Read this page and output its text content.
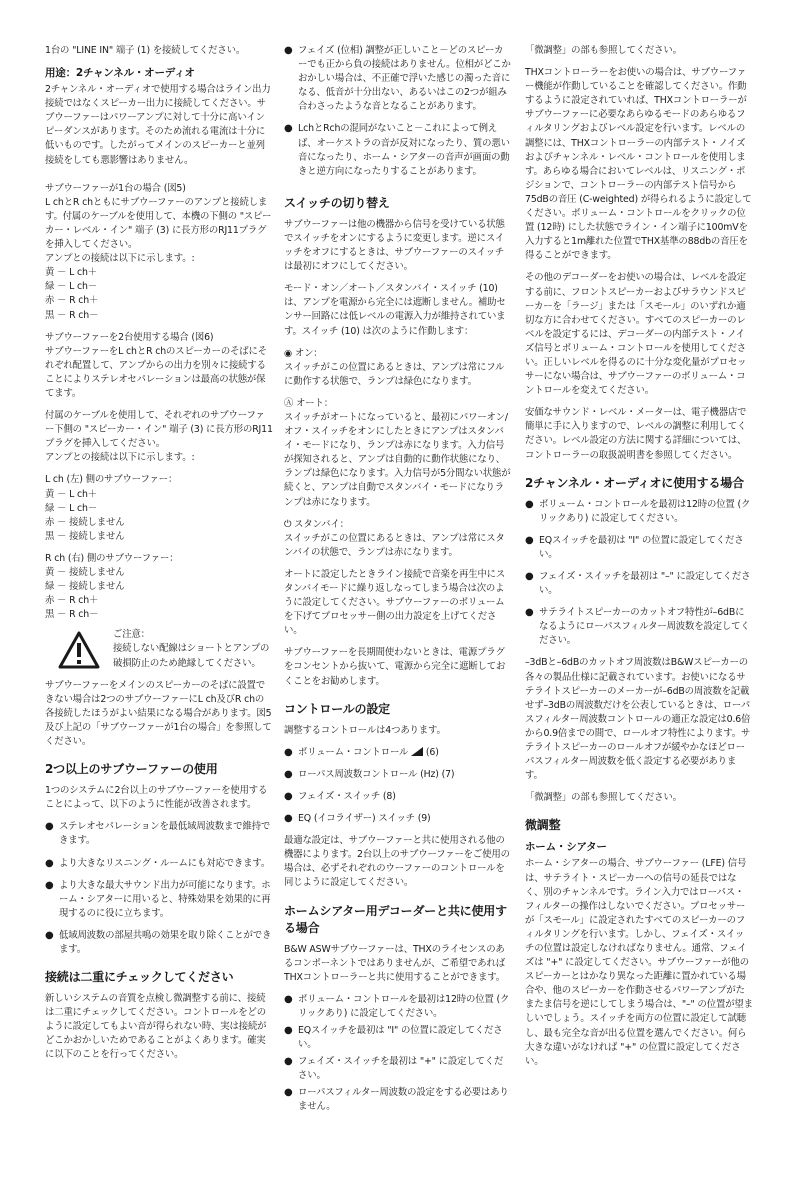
1台の "LINE IN" 端子 (1) を接続してください。
用途：2チャンネル・オーディオ
2チャンネル・オーディオで使用する場合はライン出力接続ではなくスピーカー出力に接続してください。サブウーファーはパワーアンプに対して十分に高いインピーダンスがあります。そのため流れる電流は十分に低いものです。したがってメインのスピーカーと並列接続をしても悪影響はありません。
サブウーファーが1台の場合 (図5)
L chとR chともにサブウーファーのアンプと接続します。付属のケーブルを使用して、本機の下側の "スピーカー・レベル・イン" 端子 (3) に長方形のRJ11プラグを挿入してください。
アンプとの接続は以下に示します。:
黄 － L ch＋
緑 － L ch－
赤 － R ch＋
黒 － R ch－
サブウーファーを2台使用する場合 (図6)
サブウーファーをL chとR chのスピーカーのそばにそれぞれ配置して、アンプからの出力を別々に接続することによりステレオセパレーションは最高の状態が保てます。
付属のケーブルを使用して、それぞれのサブウーファー下側の "スピーカー・イン" 端子 (3) に長方形のRJ11プラグを挿入してください。
アンプとの接続は以下に示します。:
L ch (左) 側のサブウーファー：
黄 － L ch＋
緑 － L ch－
赤 － 接続しません
黒 － 接続しません
R ch (右) 側のサブウーファー：
黄 － 接続しません
緑 － 接続しません
赤 － R ch＋
黒 － R ch－
ご注意：
接続しない配線はショートとアンプの破損防止のため絶縁してください。
サブウーファーをメインのスピーカーのそばに設置できない場合は2つのサブウーファーにL ch及びR chの各接続したほうがよい結果になる場合があります。図5及び上記の「サブウーファーが1台の場合」を参照してください。
2つ以上のサブウーファーの使用
1つのシステムに2台以上のサブウーファーを使用することによって、以下のように性能が改善されます。
● ステレオセパレーションを最低域周波数まで維持できます。
● より大きなリスニング・ルームにも対応できます。
● より大きな最大サウンド出力が可能になります。ホーム・シアターに用いると、特殊効果を効果的に再現するのに役に立ちます。
● 低域周波数の部屋共鳴の効果を取り除くことができます。
接続は二重にチェックしてください
新しいシステムの音質を点検し微調整する前に、接続は二重にチェックしてください。コントロールをどのように設定してもよい音が得られない時、実は接続がどこかおかしいためであることがよくあります。確実に以下のことを行ってください。
● フェイズ (位相) 調整が正しいこと－どのスピーカーでも正から負の接続はありません。位相がどこかおかしい場合は、不正確で浮いた感じの濁った音になる、低音が十分出ない、あるいはこの2つが組み合わさったような音となることがあります。
● LchとRchの混同がないこと－これによって例えば、オーケストラの音が反対になったり、質の悪い音になったり、ホーム・シアターの音声が画面の動きと逆方向になったりすることがあります。
スイッチの切り替え
サブウーファーは他の機器から信号を受けている状態でスイッチをオンにするように変更します。逆にスイッチをオフにするときは、サブウーファーのスイッチは最初にオフにしてください。
モード・オン／オート／スタンバイ・スイッチ (10) は、アンプを電源から完全には遮断しません。補助センサー回路には低レベルの電源入力が維持されています。スイッチ (10) は次のように作動します：
◉ オン：
スイッチがこの位置にあるときは、アンプは常にフルに動作する状態で、ランプは緑色になります。
Ⓐ オート：
スイッチがオートになっていると、最初にパワーオン/オフ・スイッチをオンにしたときにアンプはスタンバイ・モードになり、ランプは赤になります。入力信号が探知されると、アンプは自動的に動作状態になり、ランプは緑色になります。入力信号が5分間ない状態が続くと、アンプは自動でスタンバイ・モードになりランプは赤になります。
⏻ スタンバイ：
スイッチがこの位置にあるときは、アンプは常にスタンバイの状態で、ランプは赤になります。
オートに設定したときライン接続で音楽を再生中にスタンバイモードに繰り返しなってしまう場合は次のように設定してください。サブウーファーのボリュームを下げてプロセッサー側の出力設定を上げてください。
サブウーファーを長期間使わないときは、電源プラグをコンセントから抜いて、電源から完全に遮断しておくことをお勧めします。
コントロールの設定
調整するコントロールは4つあります。
● ボリューム・コントロール (6)
● ローパス周波数コントロール (Hz) (7)
● フェイズ・スイッチ (8)
● EQ (イコライザー) スイッチ (9)
最適な設定は、サブウーファーと共に使用される他の機器によります。2台以上のサブウーファーをご使用の場合は、必ずそれぞれのウーファーのコントロールを同じように設定してください。
ホームシアター用デコーダーと共に使用する場合
B&W ASWサブウーファーは、THXのライセンスのあるコンポーネントではありませんが、ご希望であればTHXコントローラーと共に使用することができます。
● ボリューム・コントロールを最初は12時の位置 (クリックあり) に設定してください。
● EQスイッチを最初は "I" の位置に設定してください。
● フェイズ・スイッチを最初は "+" に設定してください。
● ローパスフィルター周波数の設定をする必要はありません。
「微調整」の部も参照してください。
THXコントローラーをお使いの場合は、サブウーファー機能が作動していることを確認してください。作動するように設定されていれば、THXコントローラーがサブウーファーに必要なあらゆるモードのあらゆるフィルタリングおよびレベル設定を行います。レベルの調整には、THXコントローラーの内部テスト・ノイズおよびチャンネル・レベル・コントロールを使用します。あらゆる場合においてレベルは、リスニング・ポジションで、コントローラーの内部テスト信号から75dBの音圧 (C-weighted) が得られるように設定してください。ボリューム・コントロールをクリックの位置 (12時) にした状態でライン・イン端子に100mVを入力すると1m離れた位置でTHX基準の88dbの音圧を得ることができます。
その他のデコーダーをお使いの場合は、レベルを設定する前に、フロントスピーカーおよびサラウンドスピーカーを「ラージ」または「スモール」のいずれか適切な方に合わせてください。すべてのスピーカーのレベルを設定するには、デコーダーの内部テスト・ノイズ信号とボリューム・コントロールを使用してください。正しいレベルを得るのに十分な変化量がプロセッサーにない場合は、サブウーファーのボリューム・コントロールを変えてください。
安価なサウンド・レベル・メーターは、電子機器店で簡単に手に入りますので、レベルの調整に利用してください。レベル設定の方法に関する詳細については、コントローラーの取扱説明書を参照してください。
2チャンネル・オーディオに使用する場合
● ボリューム・コントロールを最初は12時の位置 (クリックあり) に設定してください。
● EQスイッチを最初は "I" の位置に設定してください。
● フェイズ・スイッチを最初は "–" に設定してください。
● サテライトスピーカーのカットオフ特性が–6dBになるようにローパスフィルター周波数を設定してください。
–3dBと–6dBのカットオフ周波数はB&Wスピーカーの各々の製品仕様に記載されています。お使いになるサテライトスピーカーのメーカーが–6dBの周波数を記載せず–3dBの周波数だけを公表しているときは、ローパスフィルター周波数コントロールの適正な設定は0.6倍から0.9倍までの間で、ロールオフ特性によります。サテライトスピーカーのロールオフが緩やかなほどローパスフィルター周波数を低く設定する必要があります。
「微調整」の部も参照してください。
微調整
ホーム・シアター
ホーム・シアターの場合、サブウーファー (LFE) 信号は、サテライト・スピーカーへの信号の延長ではなく、別のチャンネルです。ライン入力ではローパス・フィルターの操作はしないでください。プロセッサーが「スモール」に設定されたすべてのスピーカーのフィルタリングを行います。しかし、フェイズ・スイッチの位置は設定しなければなりません。通常、フェイズは "+" に設定してください。サブウーファーが他のスピーカーとはかなり異なった距離に置かれている場合や、他のスピーカーを作動させるパワーアンプがたまたま信号を逆にしてしまう場合は、"–" の位置が望ましいでしょう。スイッチを両方の位置に設定して試聴し、最も完全な音が出る位置を選んでください。何ら大きな違いがなければ "+" の位置に設定してください。
